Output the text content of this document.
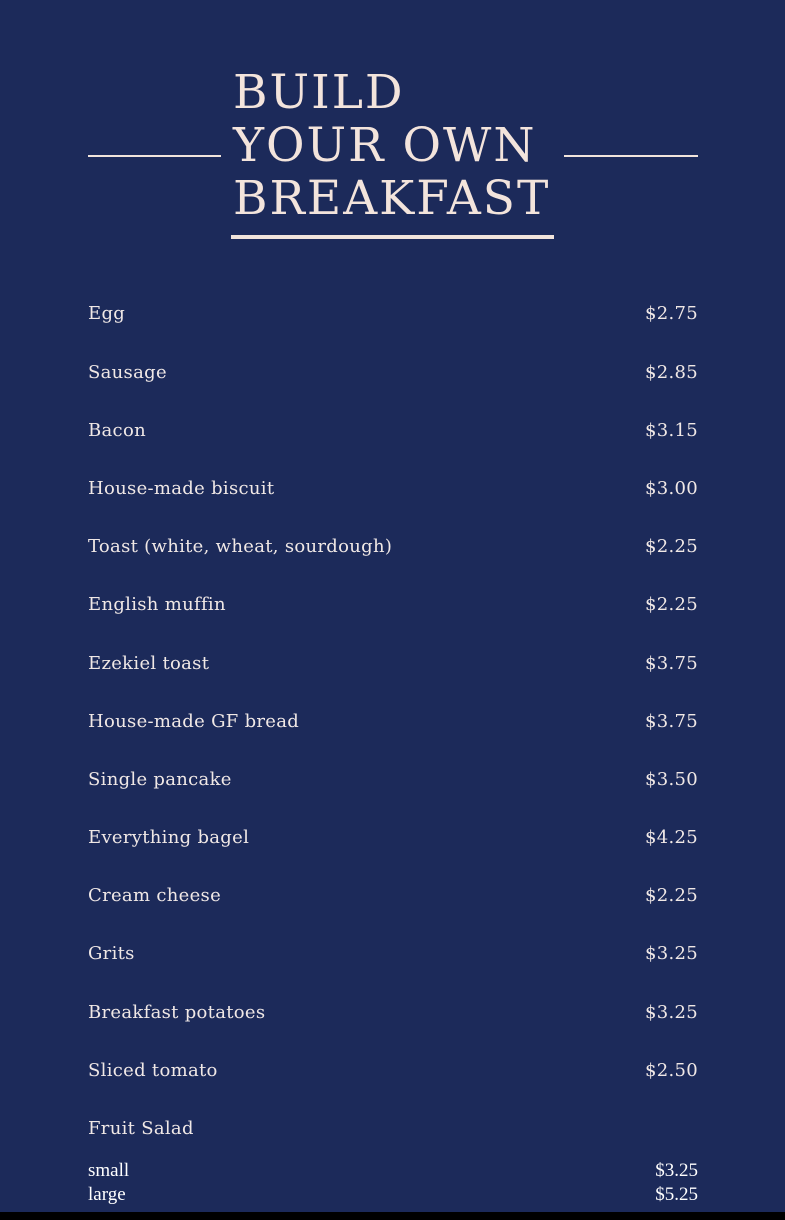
BUILD
YOUR OWN
BREAKFAST
Egg	$2.75
Sausage	$2.85
Bacon	$3.15
House-made biscuit	$3.00
Toast (white, wheat, sourdough)	$2.25
English muffin	$2.25
Ezekiel toast	$3.75
House-made GF bread	$3.75
Single pancake	$3.50
Everything bagel	$4.25
Cream cheese	$2.25
Grits	$3.25
Breakfast potatoes	$3.25
Sliced tomato	$2.50
Fruit Salad
small	$3.25
large	$5.25
